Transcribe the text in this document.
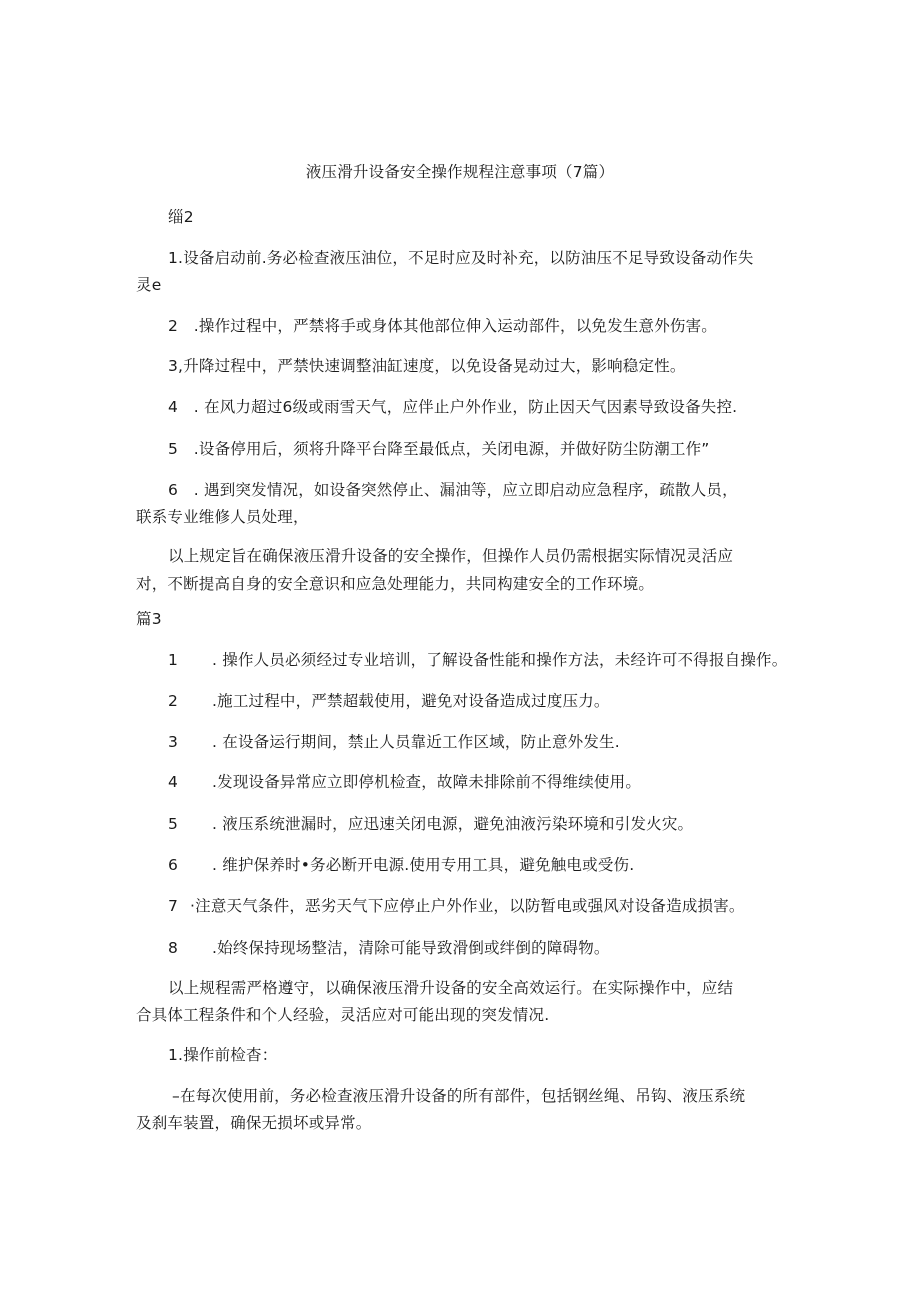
液压滑升设备安全操作规程注意事项（7篇）

缁2

1.设备启动前.务必检查液压油位，不足时应及时补充，以防油压不足导致设备动作失

灵e

2　.操作过程中，严禁将手或身体其他部位伸入运动部件，以免发生意外伤害。

3,升降过程中，严禁快速调整油缸速度，以免设备晃动过大，影响稳定性。

4　. 在风力超过6级或雨雪天气，应伴止户外作业，防止因天气因素导致设备失控.

5　.设备停用后，须将升降平台降至最低点，关闭电源，并做好防尘防潮工作”

6　. 遇到突发情况，如设备突然停止、漏油等，应立即启动应急程序，疏散人员，

联系专业维修人员处理，

以上规定旨在确保液压滑升设备的安全操作，但操作人员仍需根据实际情况灵活应

对，不断提高自身的安全意识和应急处理能力，共同构建安全的工作环境。

篇3

1 . 操作人员必须经过专业培训，了解设备性能和操作方法，未经许可不得报自操作。

2 .施工过程中，严禁超载使用，避免对设备造成过度压力。

3 . 在设备运行期间，禁止人员靠近工作区域，防止意外发生.

4 .发现设备异常应立即停机检查，故障未排除前不得维续使用。

5 . 液压系统泄漏时，应迅速关闭电源，避免油液污染环境和引发火灾。

6 . 维护保养时•务必断开电源.使用专用工具，避免触电或受伤.

7 ·注意天气条件，恶劣天气下应停止户外作业，以防暂电或强风对设备造成损害。

8 .始终保持现场整洁，清除可能导致滑倒或绊倒的障碍物。

以上规程需严格遵守，以确保液压滑升设备的安全高效运行。在实际操作中，应结

合具体工程条件和个人经验，灵活应对可能出现的突发情况.

1.操作前检杳：

–在每次使用前，务必检查液压滑升设备的所有部件，包括钢丝绳、吊钩、液压系统

及刹车装置，确保无损坏或异常。
